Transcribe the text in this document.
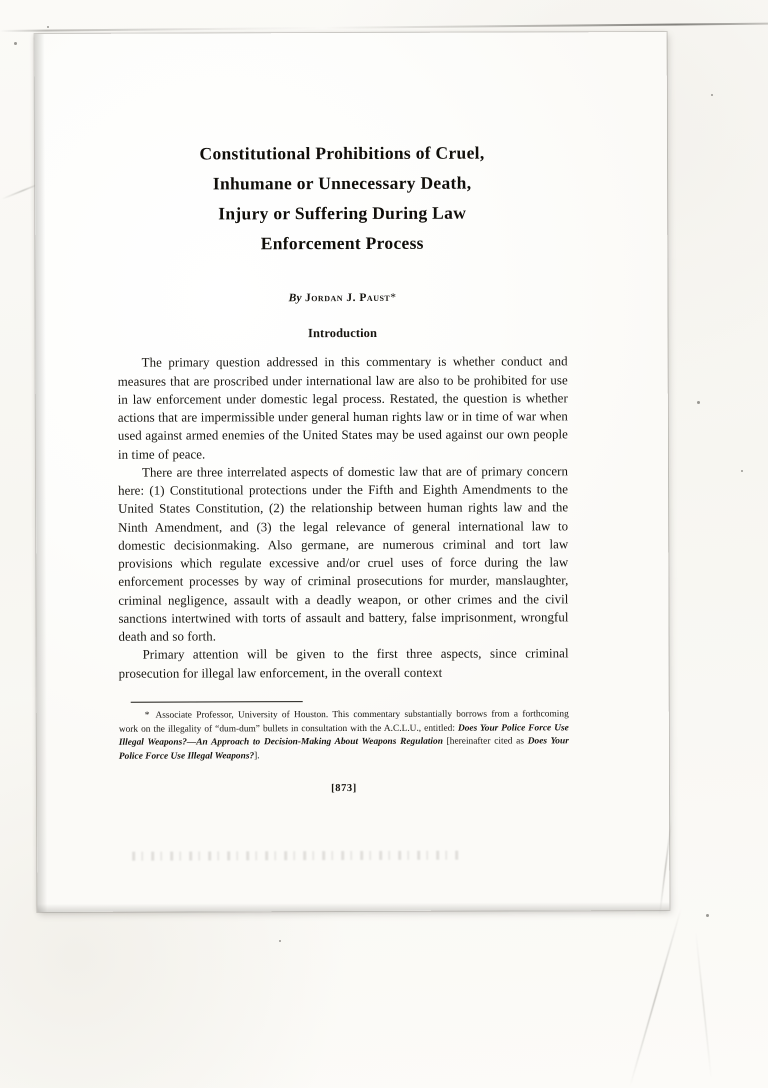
Constitutional Prohibitions of Cruel,
Inhumane or Unnecessary Death,
Injury or Suffering During Law
Enforcement Process
By Jordan J. Paust*
Introduction

The primary question addressed in this commentary is whether conduct and measures that are proscribed under international law are also to be prohibited for use in law enforcement under domestic legal process. Restated, the question is whether actions that are impermissible under general human rights law or in time of war when used against armed enemies of the United States may be used against our own people in time of peace.

There are three interrelated aspects of domestic law that are of primary concern here: (1) Constitutional protections under the Fifth and Eighth Amendments to the United States Constitution, (2) the relationship between human rights law and the Ninth Amendment, and (3) the legal relevance of general international law to domestic decisionmaking. Also germane, are numerous criminal and tort law provisions which regulate excessive and/or cruel uses of force during the law enforcement processes by way of criminal prosecutions for murder, manslaughter, criminal negligence, assault with a deadly weapon, or other crimes and the civil sanctions intertwined with torts of assault and battery, false imprisonment, wrongful death and so forth.

Primary attention will be given to the first three aspects, since criminal prosecution for illegal law enforcement, in the overall context

*Associate Professor, University of Houston. This commentary substantially borrows from a forthcoming work on the illegality of “dum-dum” bullets in consultation with the A.C.L.U., entitled: Does Your Police Force Use Illegal Weapons?—An Approach to Decision-Making About Weapons Regulation [hereinafter cited as Does Your Police Force Use Illegal Weapons?].

[873]
